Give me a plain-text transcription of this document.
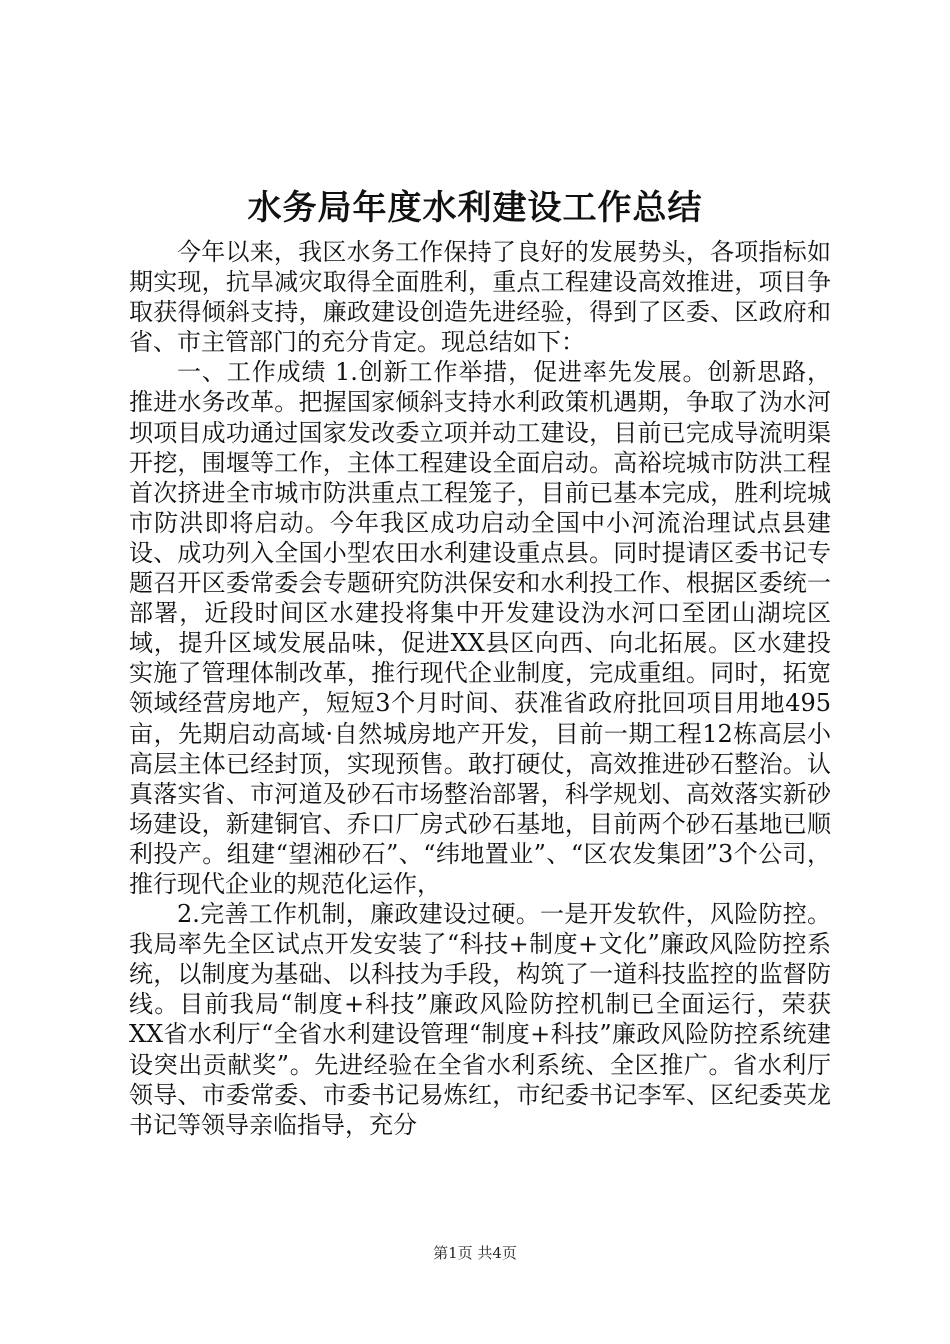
水务局年度水利建设工作总结

今年以来，我区水务工作保持了良好的发展势头，各项指标如期实现，抗旱减灾取得全面胜利，重点工程建设高效推进，项目争取获得倾斜支持，廉政建设创造先进经验，得到了区委、区政府和省、市主管部门的充分肯定。现总结如下：

一、工作成绩 1.创新工作举措，促进率先发展。创新思路，推进水务改革。把握国家倾斜支持水利政策机遇期，争取了沩水河坝项目成功通过国家发改委立项并动工建设，目前已完成导流明渠开挖，围堰等工作，主体工程建设全面启动。高裕垸城市防洪工程首次挤进全市城市防洪重点工程笼子，目前已基本完成，胜利垸城市防洪即将启动。今年我区成功启动全国中小河流治理试点县建设、成功列入全国小型农田水利建设重点县。同时提请区委书记专题召开区委常委会专题研究防洪保安和水利投工作、根据区委统一部署，近段时间区水建投将集中开发建设沩水河口至团山湖垸区域，提升区域发展品味，促进XX县区向西、向北拓展。区水建投实施了管理体制改革，推行现代企业制度，完成重组。同时，拓宽领域经营房地产，短短3个月时间、获准省政府批回项目用地495亩，先期启动高域·自然城房地产开发，目前一期工程12栋高层小高层主体已经封顶，实现预售。敢打硬仗，高效推进砂石整治。认真落实省、市河道及砂石市场整治部署，科学规划、高效落实新砂场建设，新建铜官、乔口厂房式砂石基地，目前两个砂石基地已顺利投产。组建“望湘砂石”、“纬地置业”、“区农发集团”3个公司，推行现代企业的规范化运作，

2.完善工作机制，廉政建设过硬。一是开发软件，风险防控。我局率先全区试点开发安装了“科技+制度+文化”廉政风险防控系统，以制度为基础、以科技为手段，构筑了一道科技监控的监督防线。目前我局“制度+科技”廉政风险防控机制已全面运行，荣获XX省水利厅“全省水利建设管理“制度+科技”廉政风险防控系统建设突出贡献奖”。先进经验在全省水利系统、全区推广。省水利厅领导、市委常委、市委书记易炼红，市纪委书记李军、区纪委英龙书记等领导亲临指导，充分

第1页 共4页
